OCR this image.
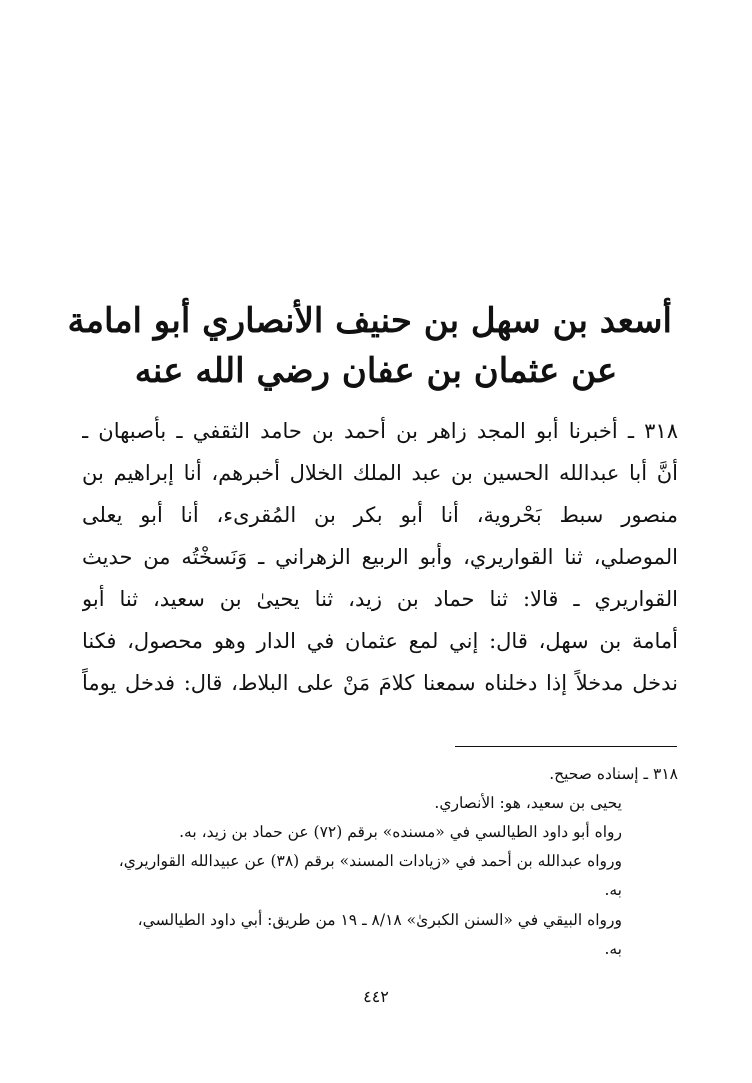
أسعد بن سهل بن حنيف الأنصاري أبو امامة
عن عثمان بن عفان رضي الله عنه
٣١٨ ـ أخبرنا أبو المجد زاهر بن أحمد بن حامد الثقفي ـ بأصبهان ـ
أنَّ أبا عبدالله الحسين بن عبد الملك الخلال أخبرهم، أنا إبراهيم بن
منصور سبط بَحْروية، أنا أبو بكر بن المُقرىء، أنا أبو يعلى
الموصلي، ثنا القواريري، وأبو الربيع الزهراني ـ وَنَسخْتُه من حديث
القواريري ـ قالا: ثنا حماد بن زيد، ثنا يحيىٰ بن سعيد، ثنا أبو
أمامة بن سهل، قال: إني لمع عثمان في الدار وهو محصول، فكنا
ندخل مدخلاً إذا دخلناه سمعنا كلامَ مَنْ على البلاط، قال: فدخل يوماً
٣١٨ ـ إسناده صحيح.
يحيى بن سعيد، هو: الأنصاري.
رواه أبو داود الطيالسي في «مسنده» برقم (٧٢) عن حماد بن زيد، به.
ورواه عبدالله بن أحمد في «زيادات المسند» برقم (٣٨) عن عبيدالله القواريري،
به.
ورواه البيقي في «السنن الكبرىٰ» ٨/١٨ ـ ١٩ من طريق: أبي داود الطيالسي،
به.
٤٤٢
